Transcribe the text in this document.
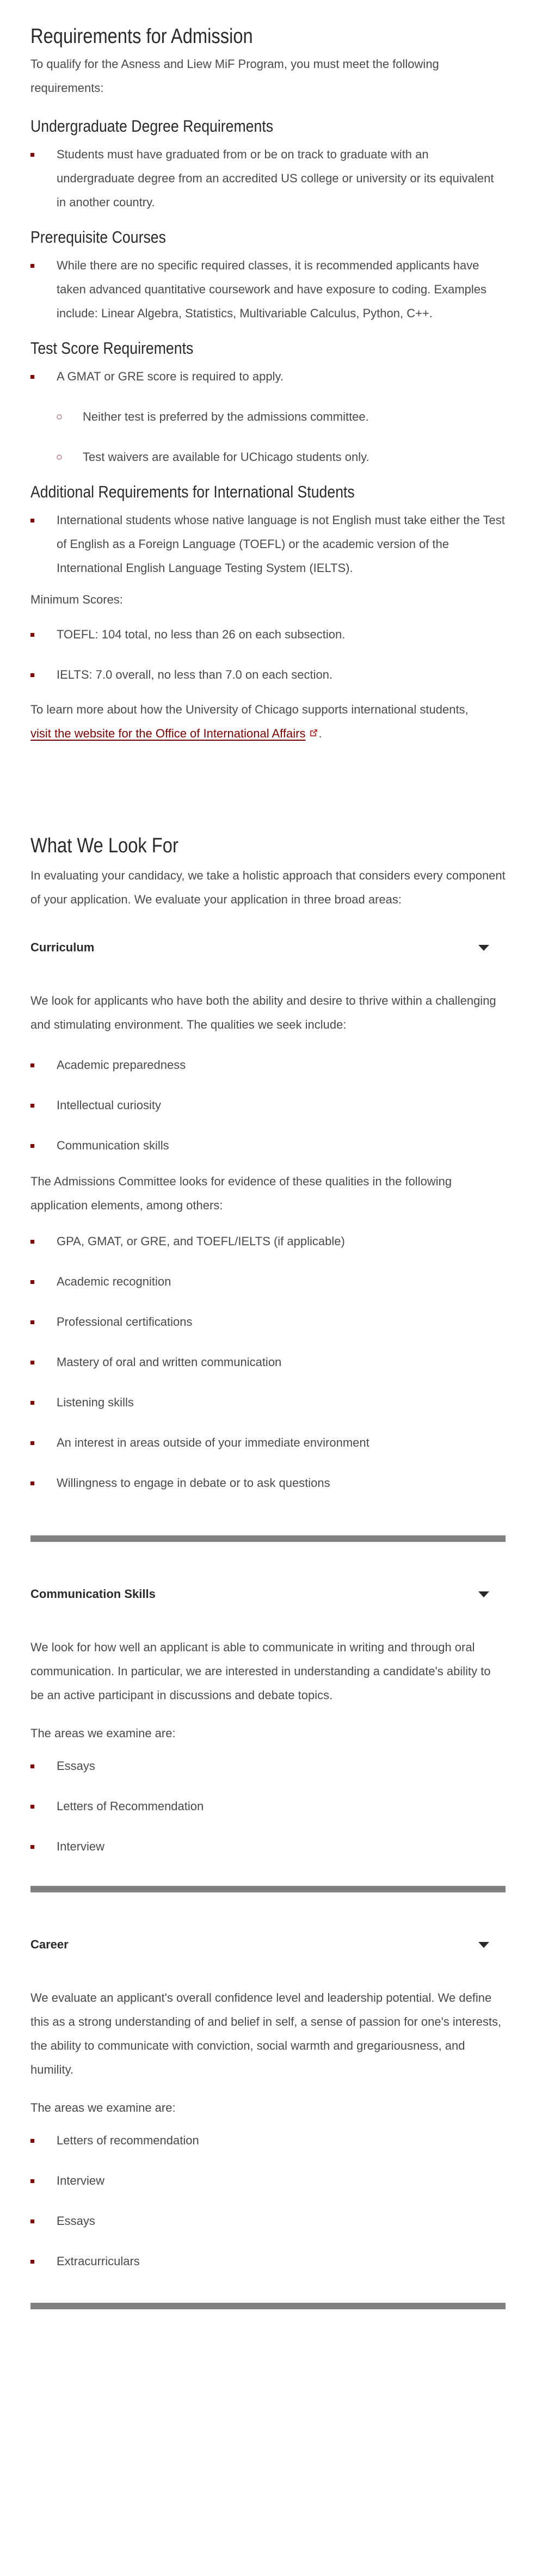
Requirements for Admission

To qualify for the Asness and Liew MiF Program, you must meet the following requirements:

Undergraduate Degree Requirements
Students must have graduated from or be on track to graduate with an undergraduate degree from an accredited US college or university or its equivalent in another country.
Prerequisite Courses
While there are no specific required classes, it is recommended applicants have taken advanced quantitative coursework and have exposure to coding. Examples include: Linear Algebra, Statistics, Multivariable Calculus, Python, C++.
Test Score Requirements
A GMAT or GRE score is required to apply.
Neither test is preferred by the admissions committee.
Test waivers are available for UChicago students only.
Additional Requirements for International Students
International students whose native language is not English must take either the Test of English as a Foreign Language (TOEFL) or the academic version of the International English Language Testing System (IELTS).

Minimum Scores:

TOEFL: 104 total, no less than 26 on each subsection.
IELTS: 7.0 overall, no less than 7.0 on each section.

To learn more about how the University of Chicago supports international students,
visit the website for the Office of International Affairs .

What We Look For

In evaluating your candidacy, we take a holistic approach that considers every component of your application. We evaluate your application in three broad areas:

Curriculum

We look for applicants who have both the ability and desire to thrive within a challenging and stimulating environment. The qualities we seek include:

Academic preparedness
Intellectual curiosity
Communication skills

The Admissions Committee looks for evidence of these qualities in the following application elements, among others:

GPA, GMAT, or GRE, and TOEFL/IELTS (if applicable)
Academic recognition
Professional certifications
Mastery of oral and written communication
Listening skills
An interest in areas outside of your immediate environment
Willingness to engage in debate or to ask questions
Communication Skills

We look for how well an applicant is able to communicate in writing and through oral communication. In particular, we are interested in understanding a candidate's ability to be an active participant in discussions and debate topics.

The areas we examine are:

Essays
Letters of Recommendation
Interview
Career

We evaluate an applicant's overall confidence level and leadership potential. We define this as a strong understanding of and belief in self, a sense of passion for one's interests, the ability to communicate with conviction, social warmth and gregariousness, and humility.

The areas we examine are:

Letters of recommendation
Interview
Essays
Extracurriculars
